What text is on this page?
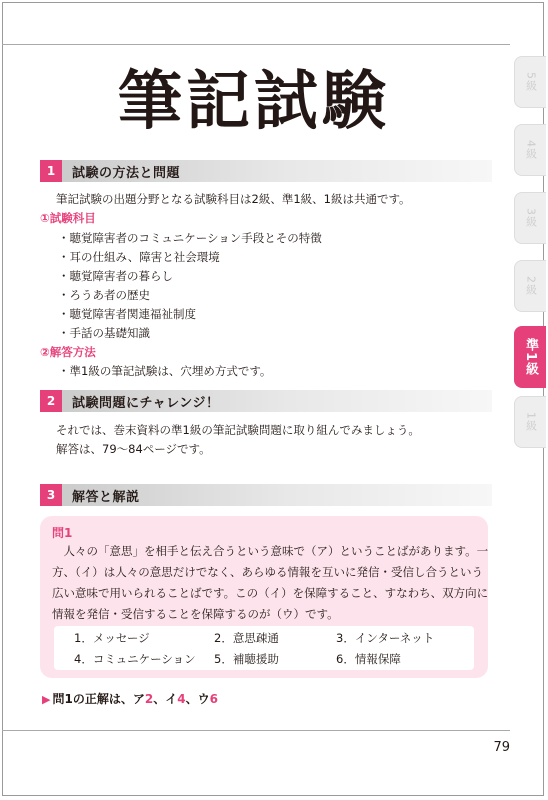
筆記試験	5級
4級
3級
2級
準1級
1級
1	試験の方法と問題
筆記試験の出題分野となる試験科目は2級、準1級、1級は共通です。
①試験科目
・聴覚障害者のコミュニケーション手段とその特徴
・耳の仕組み、障害と社会環境
・聴覚障害者の暮らし
・ろうあ者の歴史
・聴覚障害者関連福祉制度
・手話の基礎知識
②解答方法
・準1級の筆記試験は、穴埋め方式です。
2	試験問題にチャレンジ！
それでは、巻末資料の準1級の筆記試験問題に取り組んでみましょう。
解答は、79～84ページです。
3	解答と解説
問1
　人々の「意思」を相手と伝え合うという意味で（ア）ということばがあります。一
方、（イ）は人々の意思だけでなく、あらゆる情報を互いに発信・受信し合うという
広い意味で用いられることばです。この（イ）を保障すること、すなわち、双方向に
情報を発信・受信することを保障するのが（ウ）です。
1．メッセージ	2．意思疎通	3．インターネット
4．コミュニケーション 5．補聴援助	6．情報保障
▶ 問1の正解は、ア2、イ4、ウ6
79
